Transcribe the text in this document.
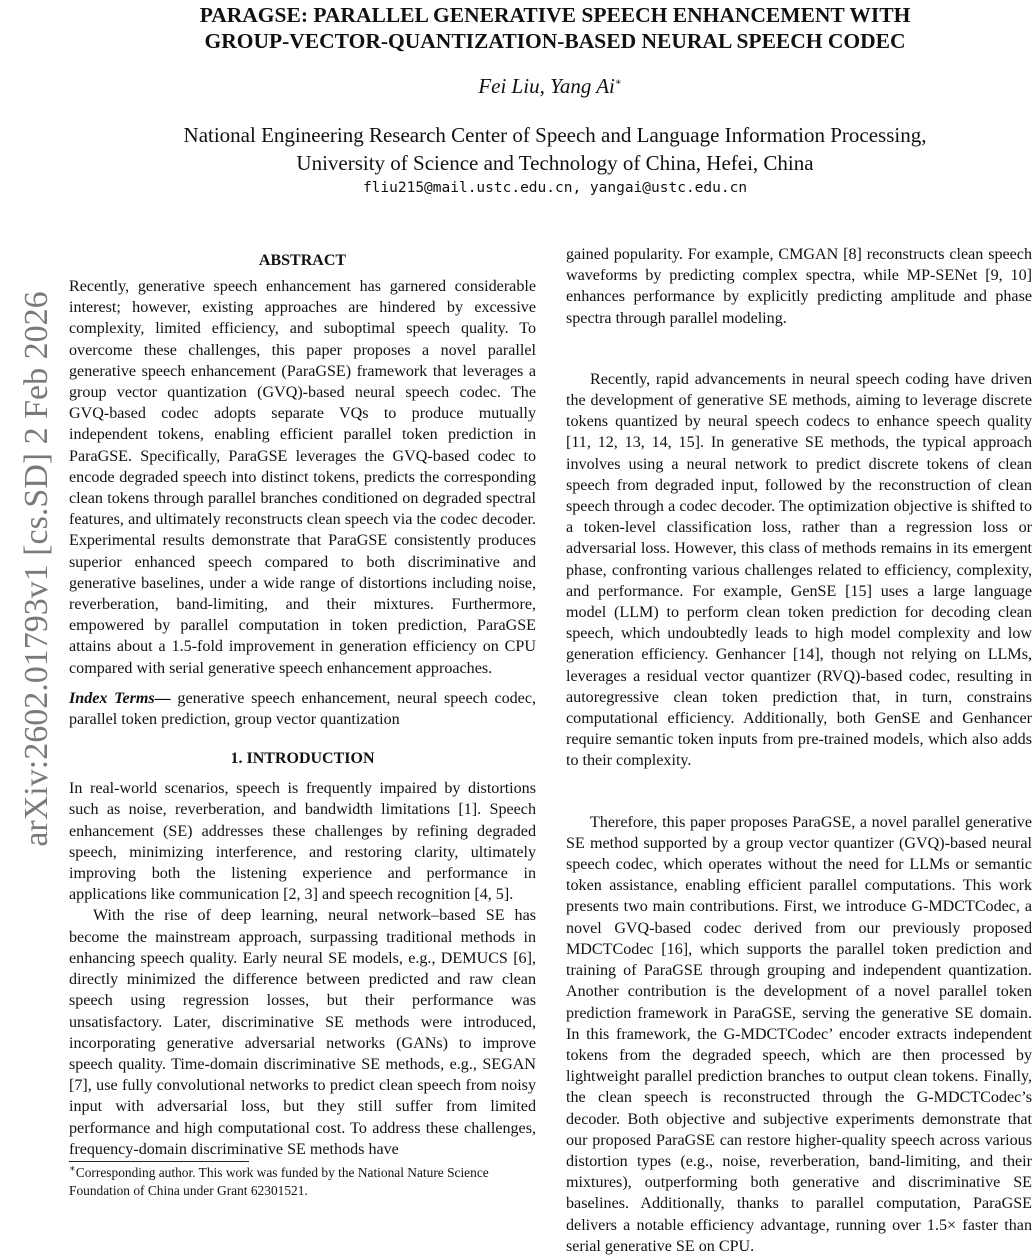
PARAGSE: PARALLEL GENERATIVE SPEECH ENHANCEMENT WITH
GROUP-VECTOR-QUANTIZATION-BASED NEURAL SPEECH CODEC
Fei Liu, Yang Ai∗
National Engineering Research Center of Speech and Language Information Processing,
University of Science and Technology of China, Hefei, China
fliu215@mail.ustc.edu.cn, yangai@ustc.edu.cn
arXiv:2602.01793v1 [cs.SD] 2 Feb 2026
ABSTRACT

Recently, generative speech enhancement has garnered considerable interest; however, existing approaches are hindered by excessive complexity, limited efficiency, and suboptimal speech quality. To overcome these challenges, this paper proposes a novel parallel generative speech enhancement (ParaGSE) framework that leverages a group vector quantization (GVQ)-based neural speech codec. The GVQ-based codec adopts separate VQs to produce mutually independent tokens, enabling efficient parallel token prediction in ParaGSE. Specifically, ParaGSE leverages the GVQ-based codec to encode degraded speech into distinct tokens, predicts the corresponding clean tokens through parallel branches conditioned on degraded spectral features, and ultimately reconstructs clean speech via the codec decoder. Experimental results demonstrate that ParaGSE consistently produces superior enhanced speech compared to both discriminative and generative baselines, under a wide range of distortions including noise, reverberation, band-limiting, and their mixtures. Furthermore, empowered by parallel computation in token prediction, ParaGSE attains about a 1.5-fold improvement in generation efficiency on CPU compared with serial generative speech enhancement approaches.

Index Terms— generative speech enhancement, neural speech codec, parallel token prediction, group vector quantization

1. INTRODUCTION

In real-world scenarios, speech is frequently impaired by distortions such as noise, reverberation, and bandwidth limitations [1]. Speech enhancement (SE) addresses these challenges by refining degraded speech, minimizing interference, and restoring clarity, ultimately improving both the listening experience and performance in applications like communication [2, 3] and speech recognition [4, 5].

With the rise of deep learning, neural network–based SE has become the mainstream approach, surpassing traditional methods in enhancing speech quality. Early neural SE models, e.g., DEMUCS [6], directly minimized the difference between predicted and raw clean speech using regression losses, but their performance was unsatisfactory. Later, discriminative SE methods were introduced, incorporating generative adversarial networks (GANs) to improve speech quality. Time-domain discriminative SE methods, e.g., SEGAN [7], use fully convolutional networks to predict clean speech from noisy input with adversarial loss, but they still suffer from limited performance and high computational cost. To address these challenges, frequency-domain discriminative SE methods have

gained popularity. For example, CMGAN [8] reconstructs clean speech waveforms by predicting complex spectra, while MP-SENet [9, 10] enhances performance by explicitly predicting amplitude and phase spectra through parallel modeling.

Recently, rapid advancements in neural speech coding have driven the development of generative SE methods, aiming to leverage discrete tokens quantized by neural speech codecs to enhance speech quality [11, 12, 13, 14, 15]. In generative SE methods, the typical approach involves using a neural network to predict discrete tokens of clean speech from degraded input, followed by the reconstruction of clean speech through a codec decoder. The optimization objective is shifted to a token-level classification loss, rather than a regression loss or adversarial loss. However, this class of methods remains in its emergent phase, confronting various challenges related to efficiency, complexity, and performance. For example, GenSE [15] uses a large language model (LLM) to perform clean token prediction for decoding clean speech, which undoubtedly leads to high model complexity and low generation efficiency. Genhancer [14], though not relying on LLMs, leverages a residual vector quantizer (RVQ)-based codec, resulting in autoregressive clean token prediction that, in turn, constrains computational efficiency. Additionally, both GenSE and Genhancer require semantic token inputs from pre-trained models, which also adds to their complexity.

Therefore, this paper proposes ParaGSE, a novel parallel generative SE method supported by a group vector quantizer (GVQ)-based neural speech codec, which operates without the need for LLMs or semantic token assistance, enabling efficient parallel computations. This work presents two main contributions. First, we introduce G-MDCTCodec, a novel GVQ-based codec derived from our previously proposed MDCTCodec [16], which supports the parallel token prediction and training of ParaGSE through grouping and independent quantization. Another contribution is the development of a novel parallel token prediction framework in ParaGSE, serving the generative SE domain. In this framework, the G-MDCTCodec’ encoder extracts independent tokens from the degraded speech, which are then processed by lightweight parallel prediction branches to output clean tokens. Finally, the clean speech is reconstructed through the G-MDCTCodec’s decoder. Both objective and subjective experiments demonstrate that our proposed ParaGSE can restore higher-quality speech across various distortion types (e.g., noise, reverberation, band-limiting, and their mixtures), outperforming both generative and discriminative SE baselines. Additionally, thanks to parallel computation, ParaGSE delivers a notable efficiency advantage, running over 1.5× faster than serial generative SE on CPU.

∗Corresponding author. This work was funded by the National Nature Science Foundation of China under Grant 62301521.
